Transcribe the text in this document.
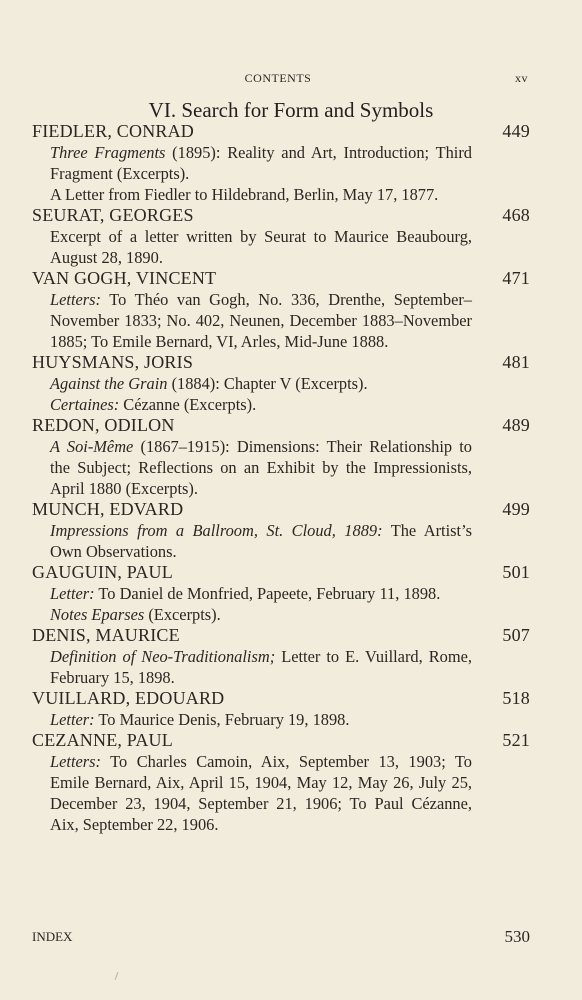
CONTENTS	xv
VI. Search for Form and Symbols
FIEDLER, CONRAD	449
Three Fragments (1895): Reality and Art, Introduction; Third Fragment (Excerpts).
A Letter from Fiedler to Hildebrand, Berlin, May 17, 1877.
SEURAT, GEORGES	468
Excerpt of a letter written by Seurat to Maurice Beaubourg, August 28, 1890.
VAN GOGH, VINCENT	471
Letters: To Théo van Gogh, No. 336, Drenthe, September–November 1833; No. 402, Neunen, December 1883–November 1885; To Emile Bernard, VI, Arles, Mid-June 1888.
HUYSMANS, JORIS	481
Against the Grain (1884): Chapter V (Excerpts).
Certaines: Cézanne (Excerpts).
REDON, ODILON	489
A Soi-Même (1867–1915): Dimensions: Their Relationship to the Subject; Reflections on an Exhibit by the Impressionists, April 1880 (Excerpts).
MUNCH, EDVARD	499
Impressions from a Ballroom, St. Cloud, 1889: The Artist’s Own Observations.
GAUGUIN, PAUL	501
Letter: To Daniel de Monfried, Papeete, February 11, 1898.
Notes Eparses (Excerpts).
DENIS, MAURICE	507
Definition of Neo-Traditionalism; Letter to E. Vuillard, Rome, February 15, 1898.
VUILLARD, EDOUARD	518
Letter: To Maurice Denis, February 19, 1898.
CEZANNE, PAUL	521
Letters: To Charles Camoin, Aix, September 13, 1903; To Emile Bernard, Aix, April 15, 1904, May 12, May 26, July 25, December 23, 1904, September 21, 1906; To Paul Cézanne, Aix, September 22, 1906.
INDEX	530
